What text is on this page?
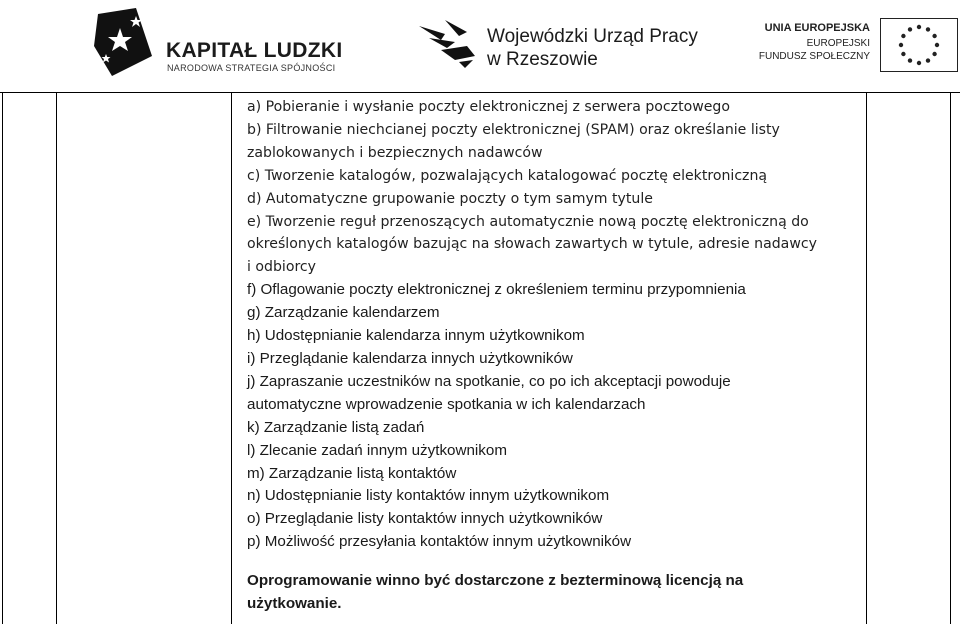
KAPITAŁ LUDZKI
NARODOWA STRATEGIA SPÓJNOŚCI
Wojewódzki Urząd Pracy
w Rzeszowie
UNIA EUROPEJSKA
EUROPEJSKI
FUNDUSZ SPOŁECZNY
a) Pobieranie i wysłanie poczty elektronicznej z serwera pocztowego
b) Filtrowanie niechcianej poczty elektronicznej (SPAM) oraz określanie listy
zablokowanych i bezpiecznych nadawców
c) Tworzenie katalogów, pozwalających katalogować pocztę elektroniczną
d) Automatyczne grupowanie poczty o tym samym tytule
e) Tworzenie reguł przenoszących automatycznie nową pocztę elektroniczną do
określonych katalogów bazując na słowach zawartych w tytule, adresie nadawcy
i odbiorcy
f) Oflagowanie poczty elektronicznej z określeniem terminu przypomnienia
g) Zarządzanie kalendarzem
h) Udostępnianie kalendarza innym użytkownikom
i) Przeglądanie kalendarza innych użytkowników
j) Zapraszanie uczestników na spotkanie, co po ich akceptacji powoduje
automatyczne wprowadzenie spotkania w ich kalendarzach
k) Zarządzanie listą zadań
l) Zlecanie zadań innym użytkownikom
m) Zarządzanie listą kontaktów
n) Udostępnianie listy kontaktów innym użytkownikom
o) Przeglądanie listy kontaktów innych użytkowników
p) Możliwość przesyłania kontaktów innym użytkowników
Oprogramowanie winno być dostarczone z bezterminową licencją na użytkowanie.
